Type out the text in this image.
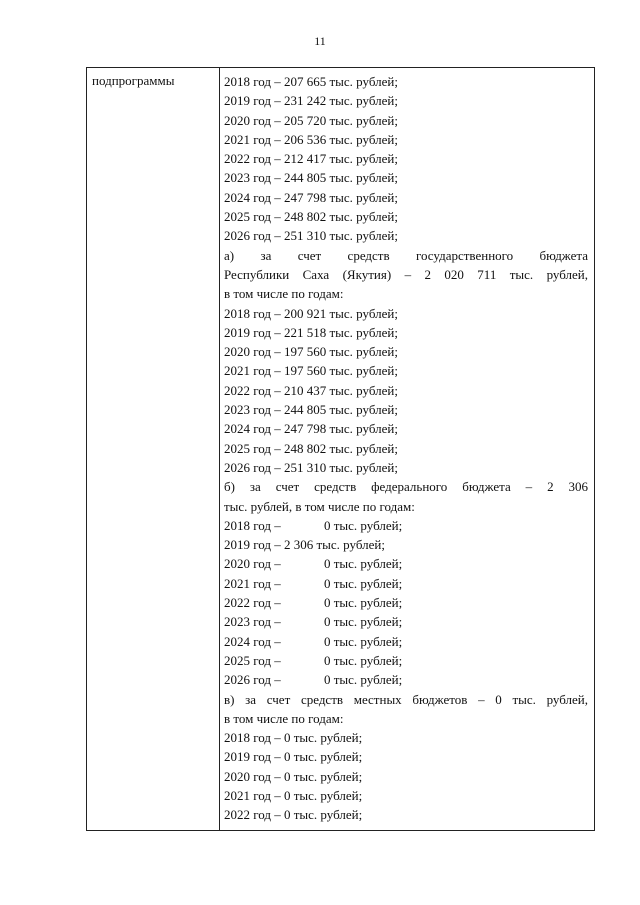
11
подпрограммы	2018 год – 207 665 тыс. рублей;
2019 год – 231 242 тыс. рублей;
2020 год – 205 720 тыс. рублей;
2021 год – 206 536 тыс. рублей;
2022 год – 212 417 тыс. рублей;
2023 год – 244 805 тыс. рублей;
2024 год – 247 798 тыс. рублей;
2025 год – 248 802 тыс. рублей;
2026 год – 251 310 тыс. рублей;
а) за счет средств государственного бюджета
Республики Саха (Якутия) – 2 020 711 тыс. рублей,
в том числе по годам:
2018 год – 200 921 тыс. рублей;
2019 год – 221 518 тыс. рублей;
2020 год – 197 560 тыс. рублей;
2021 год – 197 560 тыс. рублей;
2022 год – 210 437 тыс. рублей;
2023 год – 244 805 тыс. рублей;
2024 год – 247 798 тыс. рублей;
2025 год – 248 802 тыс. рублей;
2026 год – 251 310 тыс. рублей;
б) за счет средств федерального бюджета – 2 306
тыс. рублей, в том числе по годам:
2018 год –	0 тыс. рублей;
2019 год –
2 306 тыс. рублей;
2020 год –	0 тыс. рублей;
2021 год –	0 тыс. рублей;
2022 год –	0 тыс. рублей;
2023 год –	0 тыс. рублей;
2024 год –	0 тыс. рублей;
2025 год –	0 тыс. рублей;
2026 год –	0 тыс. рублей;
в) за счет средств местных бюджетов – 0 тыс. рублей,
в том числе по годам:
2018 год – 0 тыс. рублей;
2019 год – 0 тыс. рублей;
2020 год – 0 тыс. рублей;
2021 год – 0 тыс. рублей;
2022 год – 0 тыс. рублей;
